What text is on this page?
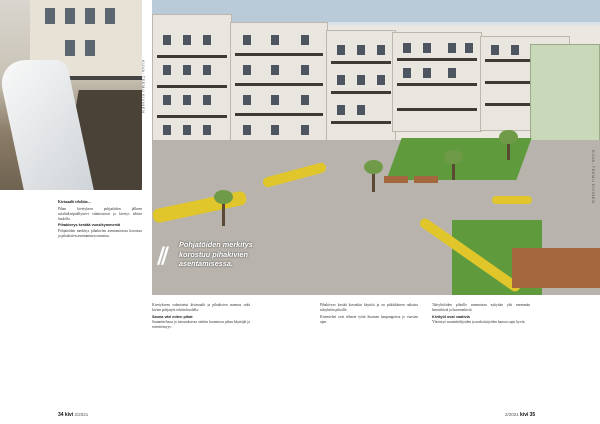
KUVA: TEEMU KIVINEN
KUVA: TEEMU KIVINEN
// Pohjatöiden merkitys korostuu pihakivien asentamisessa.

Kivimaalit tehdään…

Pihan kivetyksen pohjatöiden jälkeen asfalttikivipäällysteet valmistuivat ja kivetys tehtiin huolella.

Pihakiveys kestää vuosikymmeniä

Pohjatöiden merkitys pihakivien asentamisessa korostuu ja pihakivien asentaminen onnistuu.

Kivetykseen valmistetut kivimaalit ja pihakivien asennus sekä kivien pohjatyöt tehtiin huolella.

Sauna väri miten pihat

Suunnittelussa ja toteutuksessa otettiin huomioon pihan käyttäjät ja esteettömyys.

Pihakiveys kestää kovaakin käyttöä ja on pitkäikäinen ratkaisu taloyhtiön pihoille.

Kivimiehet ovat tehneet työtä Suomen kaupungeissa jo vuosien ajan.

Taloyhtiöiden pihoille asennetaan nykyään yhä enemmän betonikiviä ja luonnonkiviä.

Kivityöt ovat vaativia

Yhteistyö suunnittelijoiden ja urakoitsijoiden kanssa sujui hyvin.

34 kivi 2/2021	2/2021 kivi 35
